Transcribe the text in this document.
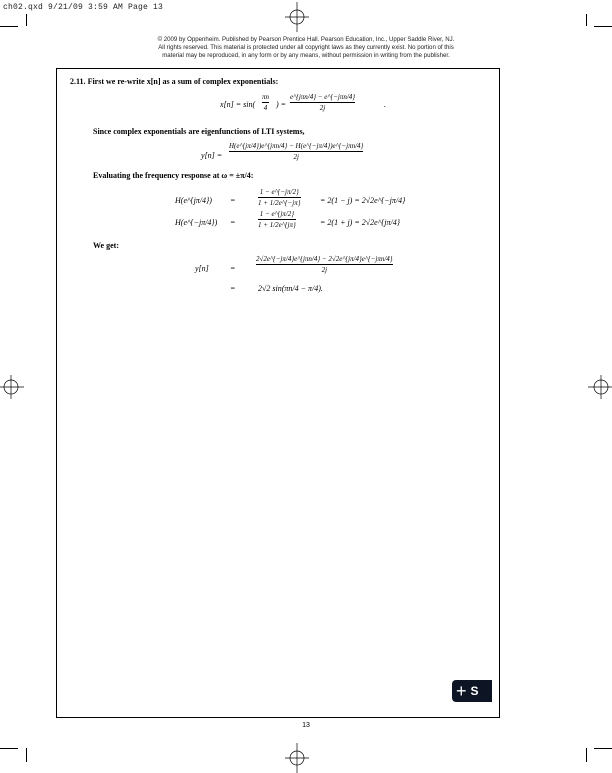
ch02.qxd 9/21/09 3:59 AM Page 13
© 2009 by Oppenheim. Published by Pearson Prentice Hall. Pearson Education, Inc., Upper Saddle River, NJ.
All rights reserved. This material is protected under all copyright laws as they currently exist. No portion of this
material may be reproduced, in any form or by any means, without permission in writing from the publisher.
2.11. First we re-write x[n] as a sum of complex exponentials:
x[n] = sin(
πn
4 ) =
e^{jπn/4} − e^{−jπn/4}
2j	.
Since complex exponentials are eigenfunctions of LTI systems,
y[n] =
H(e^{jπ/4})e^{jπn/4} − H(e^{−jπ/4})e^{−jπn/4}
2j
Evaluating the frequency response at ω = ±π/4:
H(e^{jπ/4}) =
1 − e^{−jπ/2}
1 + 1/2e^{−jπ} = 2(1 − j) = 2√2e^{−jπ/4}
H(e^{−jπ/4}) =
1 − e^{jπ/2}
1 + 1/2e^{jπ}	= 2(1 + j) = 2√2e^{jπ/4}
We get:
y[n]	=
2√2e^{−jπ/4}e^{jπn/4} − 2√2e^{jπ/4}e^{−jπn/4}
2j
=	2√2 sin(πn/4 − π/4).
+ S
13
